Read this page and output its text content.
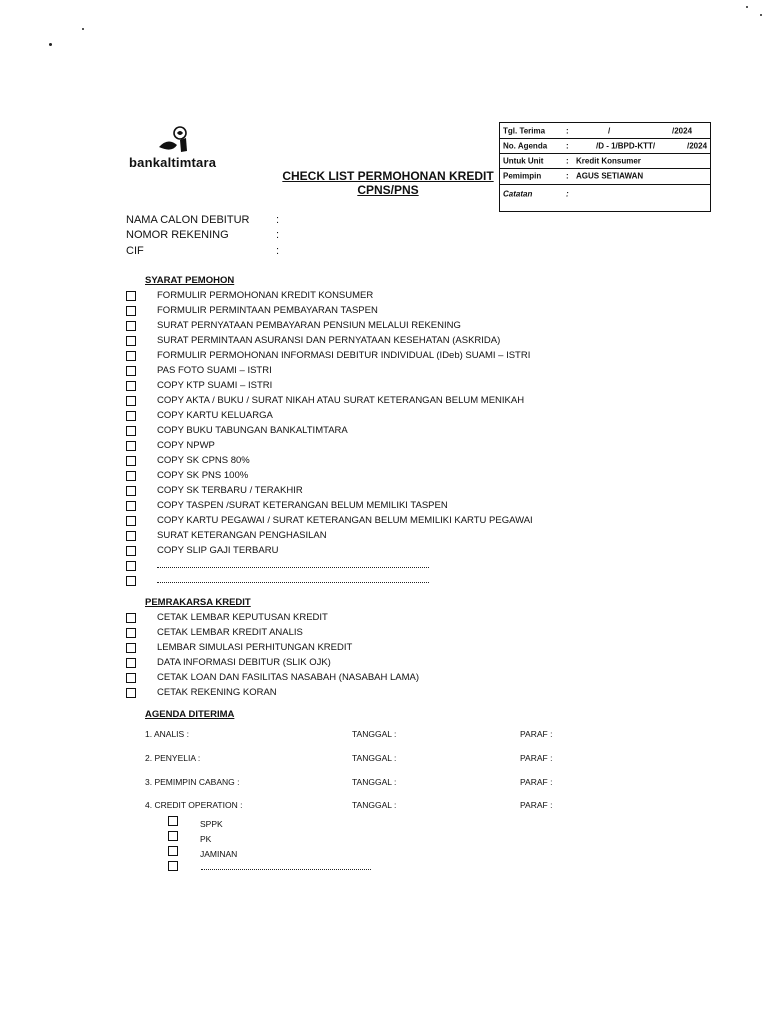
bankaltimtara
CHECK LIST PERMOHONAN KREDIT
CPNS/PNS
Tgl. Terima	:	/	/2024
No. Agenda :	/D - 1/BPD-KTT/	/2024
Untuk Unit	: Kredit Konsumer
Pemimpin	: AGUS SETIAWAN
Catatan	:
NAMA CALON DEBITUR :
NOMOR REKENING	:
CIF	:
SYARAT PEMOHON
FORMULIR PERMOHONAN KREDIT KONSUMER
FORMULIR PERMINTAAN PEMBAYARAN TASPEN
SURAT PERNYATAAN PEMBAYARAN PENSIUN MELALUI REKENING
SURAT PERMINTAAN ASURANSI DAN PERNYATAAN KESEHATAN (ASKRIDA)
FORMULIR PERMOHONAN INFORMASI DEBITUR INDIVIDUAL (IDeb) SUAMI – ISTRI
PAS FOTO SUAMI – ISTRI
COPY KTP SUAMI – ISTRI
COPY AKTA / BUKU / SURAT NIKAH ATAU SURAT KETERANGAN BELUM MENIKAH
COPY KARTU KELUARGA
COPY BUKU TABUNGAN BANKALTIMTARA
COPY NPWP
COPY SK CPNS 80%
COPY SK PNS 100%
COPY SK TERBARU / TERAKHIR
COPY TASPEN /SURAT KETERANGAN BELUM MEMILIKI TASPEN
COPY KARTU PEGAWAI / SURAT KETERANGAN BELUM MEMILIKI KARTU PEGAWAI
SURAT KETERANGAN PENGHASILAN
COPY SLIP GAJI TERBARU
PEMRAKARSA KREDIT
CETAK LEMBAR KEPUTUSAN KREDIT
CETAK LEMBAR KREDIT ANALIS
LEMBAR SIMULASI PERHITUNGAN KREDIT
DATA INFORMASI DEBITUR (SLIK OJK)
CETAK LOAN DAN FASILITAS NASABAH (NASABAH LAMA)
CETAK REKENING KORAN
AGENDA DITERIMA
1. ANALIS :	TANGGAL :	PARAF :
2. PENYELIA :	TANGGAL :	PARAF :
3. PEMIMPIN CABANG :	TANGGAL :	PARAF :
4. CREDIT OPERATION :	TANGGAL :	PARAF :
SPPK
PK
JAMINAN
